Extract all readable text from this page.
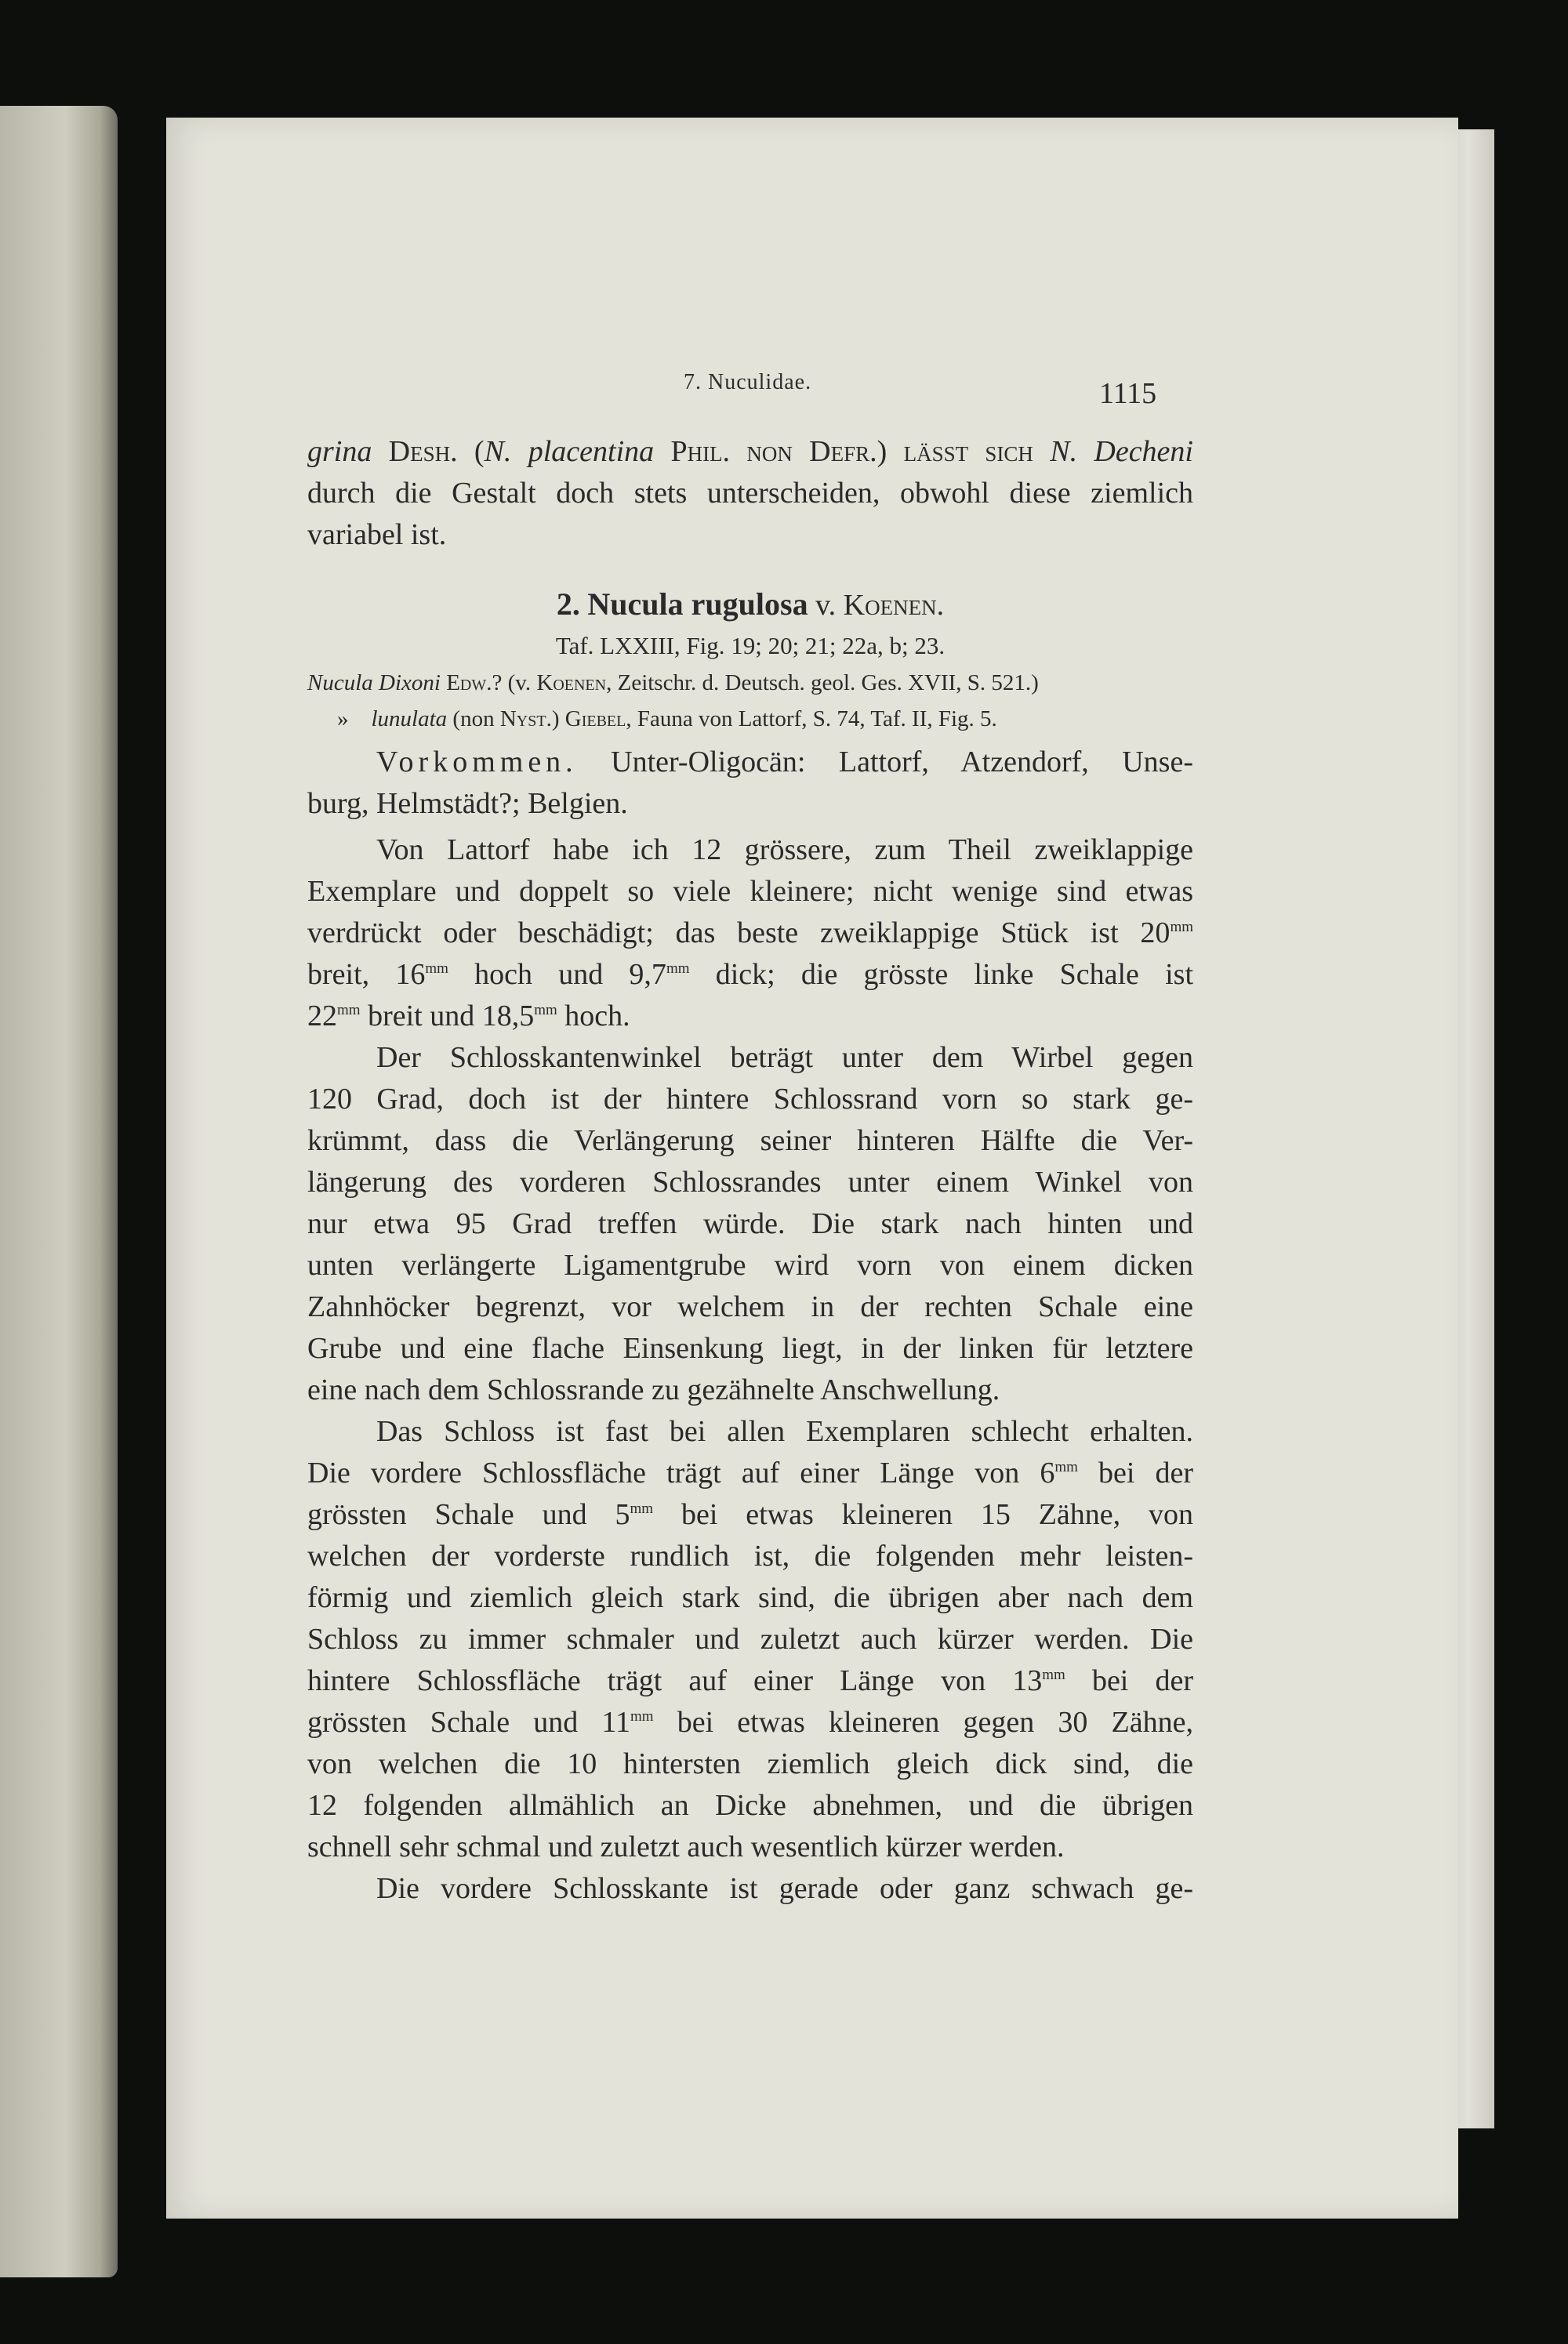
7. Nuculidae.	1115
grina Desh. (N. placentina Phil. non Defr.) lässt sich N. Decheni
durch die Gestalt doch stets unterscheiden, obwohl diese ziemlich
variabel ist.
2. Nucula rugulosa v. Koenen.
Taf. LXXIII, Fig. 19; 20; 21; 22a, b; 23.
Nucula Dixoni Edw.? (v. Koenen, Zeitschr. d. Deutsch. geol. Ges. XVII, S. 521.)
» lunulata (non Nyst.) Giebel, Fauna von Lattorf, S. 74, Taf. II, Fig. 5.
Vorkommen. Unter-Oligocän: Lattorf, Atzendorf, Unse-
burg, Helmstädt?; Belgien.
Von Lattorf habe ich 12 grössere, zum Theil zweiklappige
Exemplare und doppelt so viele kleinere; nicht wenige sind etwas
verdrückt oder beschädigt; das beste zweiklappige Stück ist $20^{mm}$
breit, $16^{mm}$ hoch und $9,7^{mm}$ dick; die grösste linke Schale ist
$22^{mm}$ breit und $18,5^{mm}$ hoch.
Der Schlosskantenwinkel beträgt unter dem Wirbel gegen
120 Grad, doch ist der hintere Schlossrand vorn so stark ge-
krümmt, dass die Verlängerung seiner hinteren Hälfte die Ver-
längerung des vorderen Schlossrandes unter einem Winkel von
nur etwa 95 Grad treffen würde. Die stark nach hinten und
unten verlängerte Ligamentgrube wird vorn von einem dicken
Zahnhöcker begrenzt, vor welchem in der rechten Schale eine
Grube und eine flache Einsenkung liegt, in der linken für letztere
eine nach dem Schlossrande zu gezähnelte Anschwellung.
Das Schloss ist fast bei allen Exemplaren schlecht erhalten.
Die vordere Schlossfläche trägt auf einer Länge von $6^{mm}$ bei der
grössten Schale und $5^{mm}$ bei etwas kleineren 15 Zähne, von
welchen der vorderste rundlich ist, die folgenden mehr leisten-
förmig und ziemlich gleich stark sind, die übrigen aber nach dem
Schloss zu immer schmaler und zuletzt auch kürzer werden. Die
hintere Schlossfläche trägt auf einer Länge von $13^{mm}$ bei der
grössten Schale und $11^{mm}$ bei etwas kleineren gegen 30 Zähne,
von welchen die 10 hintersten ziemlich gleich dick sind, die
12 folgenden allmählich an Dicke abnehmen, und die übrigen
schnell sehr schmal und zuletzt auch wesentlich kürzer werden.
Die vordere Schlosskante ist gerade oder ganz schwach ge-
